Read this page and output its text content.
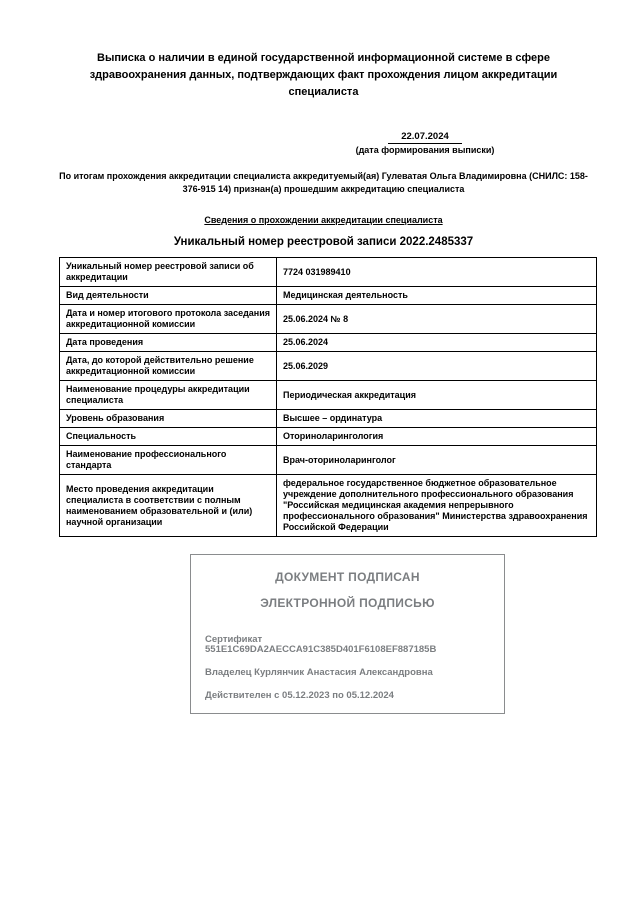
Выписка о наличии в единой государственной информационной системе в сфере здравоохранения данных, подтверждающих факт прохождения лицом аккредитации специалиста
22.07.2024
(дата формирования выписки)
По итогам прохождения аккредитации специалиста аккредитуемый(ая) Гулеватая Ольга Владимировна (СНИЛС: 158-376-915 14) признан(а) прошедшим аккредитацию специалиста
Сведения о прохождении аккредитации специалиста
Уникальный номер реестровой записи 2022.2485337
Уникальный номер реестровой записи об аккредитации	7724 031989410
Вид деятельности	Медицинская деятельность
Дата и номер итогового протокола заседания аккредитационной комиссии	25.06.2024 № 8
Дата проведения	25.06.2024
Дата, до которой действительно решение аккредитационной комиссии	25.06.2029
Наименование процедуры аккредитации специалиста	Периодическая аккредитация
Уровень образования	Высшее – ординатура
Специальность	Оториноларингология
Наименование профессионального стандарта	Врач-оториноларинголог
Место проведения аккредитации специалиста в соответствии с полным наименованием образовательной и (или) научной организации	федеральное государственное бюджетное образовательное учреждение дополнительного профессионального образования "Российская медицинская академия непрерывного профессионального образования" Министерства здравоохранения Российской Федерации
ДОКУМЕНТ ПОДПИСАН
ЭЛЕКТРОННОЙ ПОДПИСЬЮ
Сертификат 551E1C69DA2AECCA91C385D401F6108EF887185B
Владелец Курлянчик Анастасия Александровна
Действителен с 05.12.2023 по 05.12.2024
